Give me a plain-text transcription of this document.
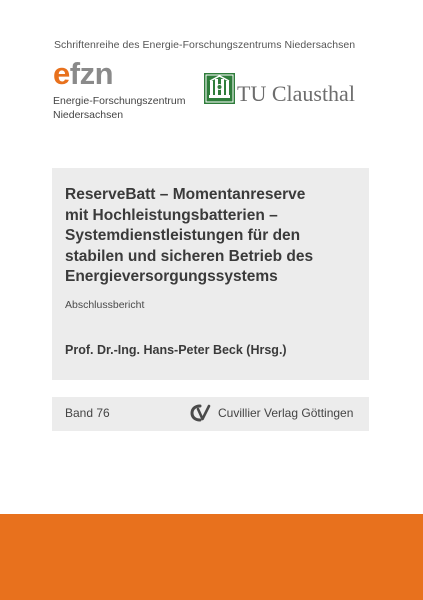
Schriftenreihe des Energie-Forschungszentrums Niedersachsen
efzn
Energie-Forschungszentrum
Niedersachsen
TU Clausthal
ReserveBatt – Momentanreserve
mit Hochleistungsbatterien –
Systemdienstleistungen für den
stabilen und sicheren Betrieb des
Energieversorgungssystems
Abschlussbericht
Prof. Dr.-Ing. Hans-Peter Beck (Hrsg.)
Band 76	Cuvillier Verlag Göttingen
